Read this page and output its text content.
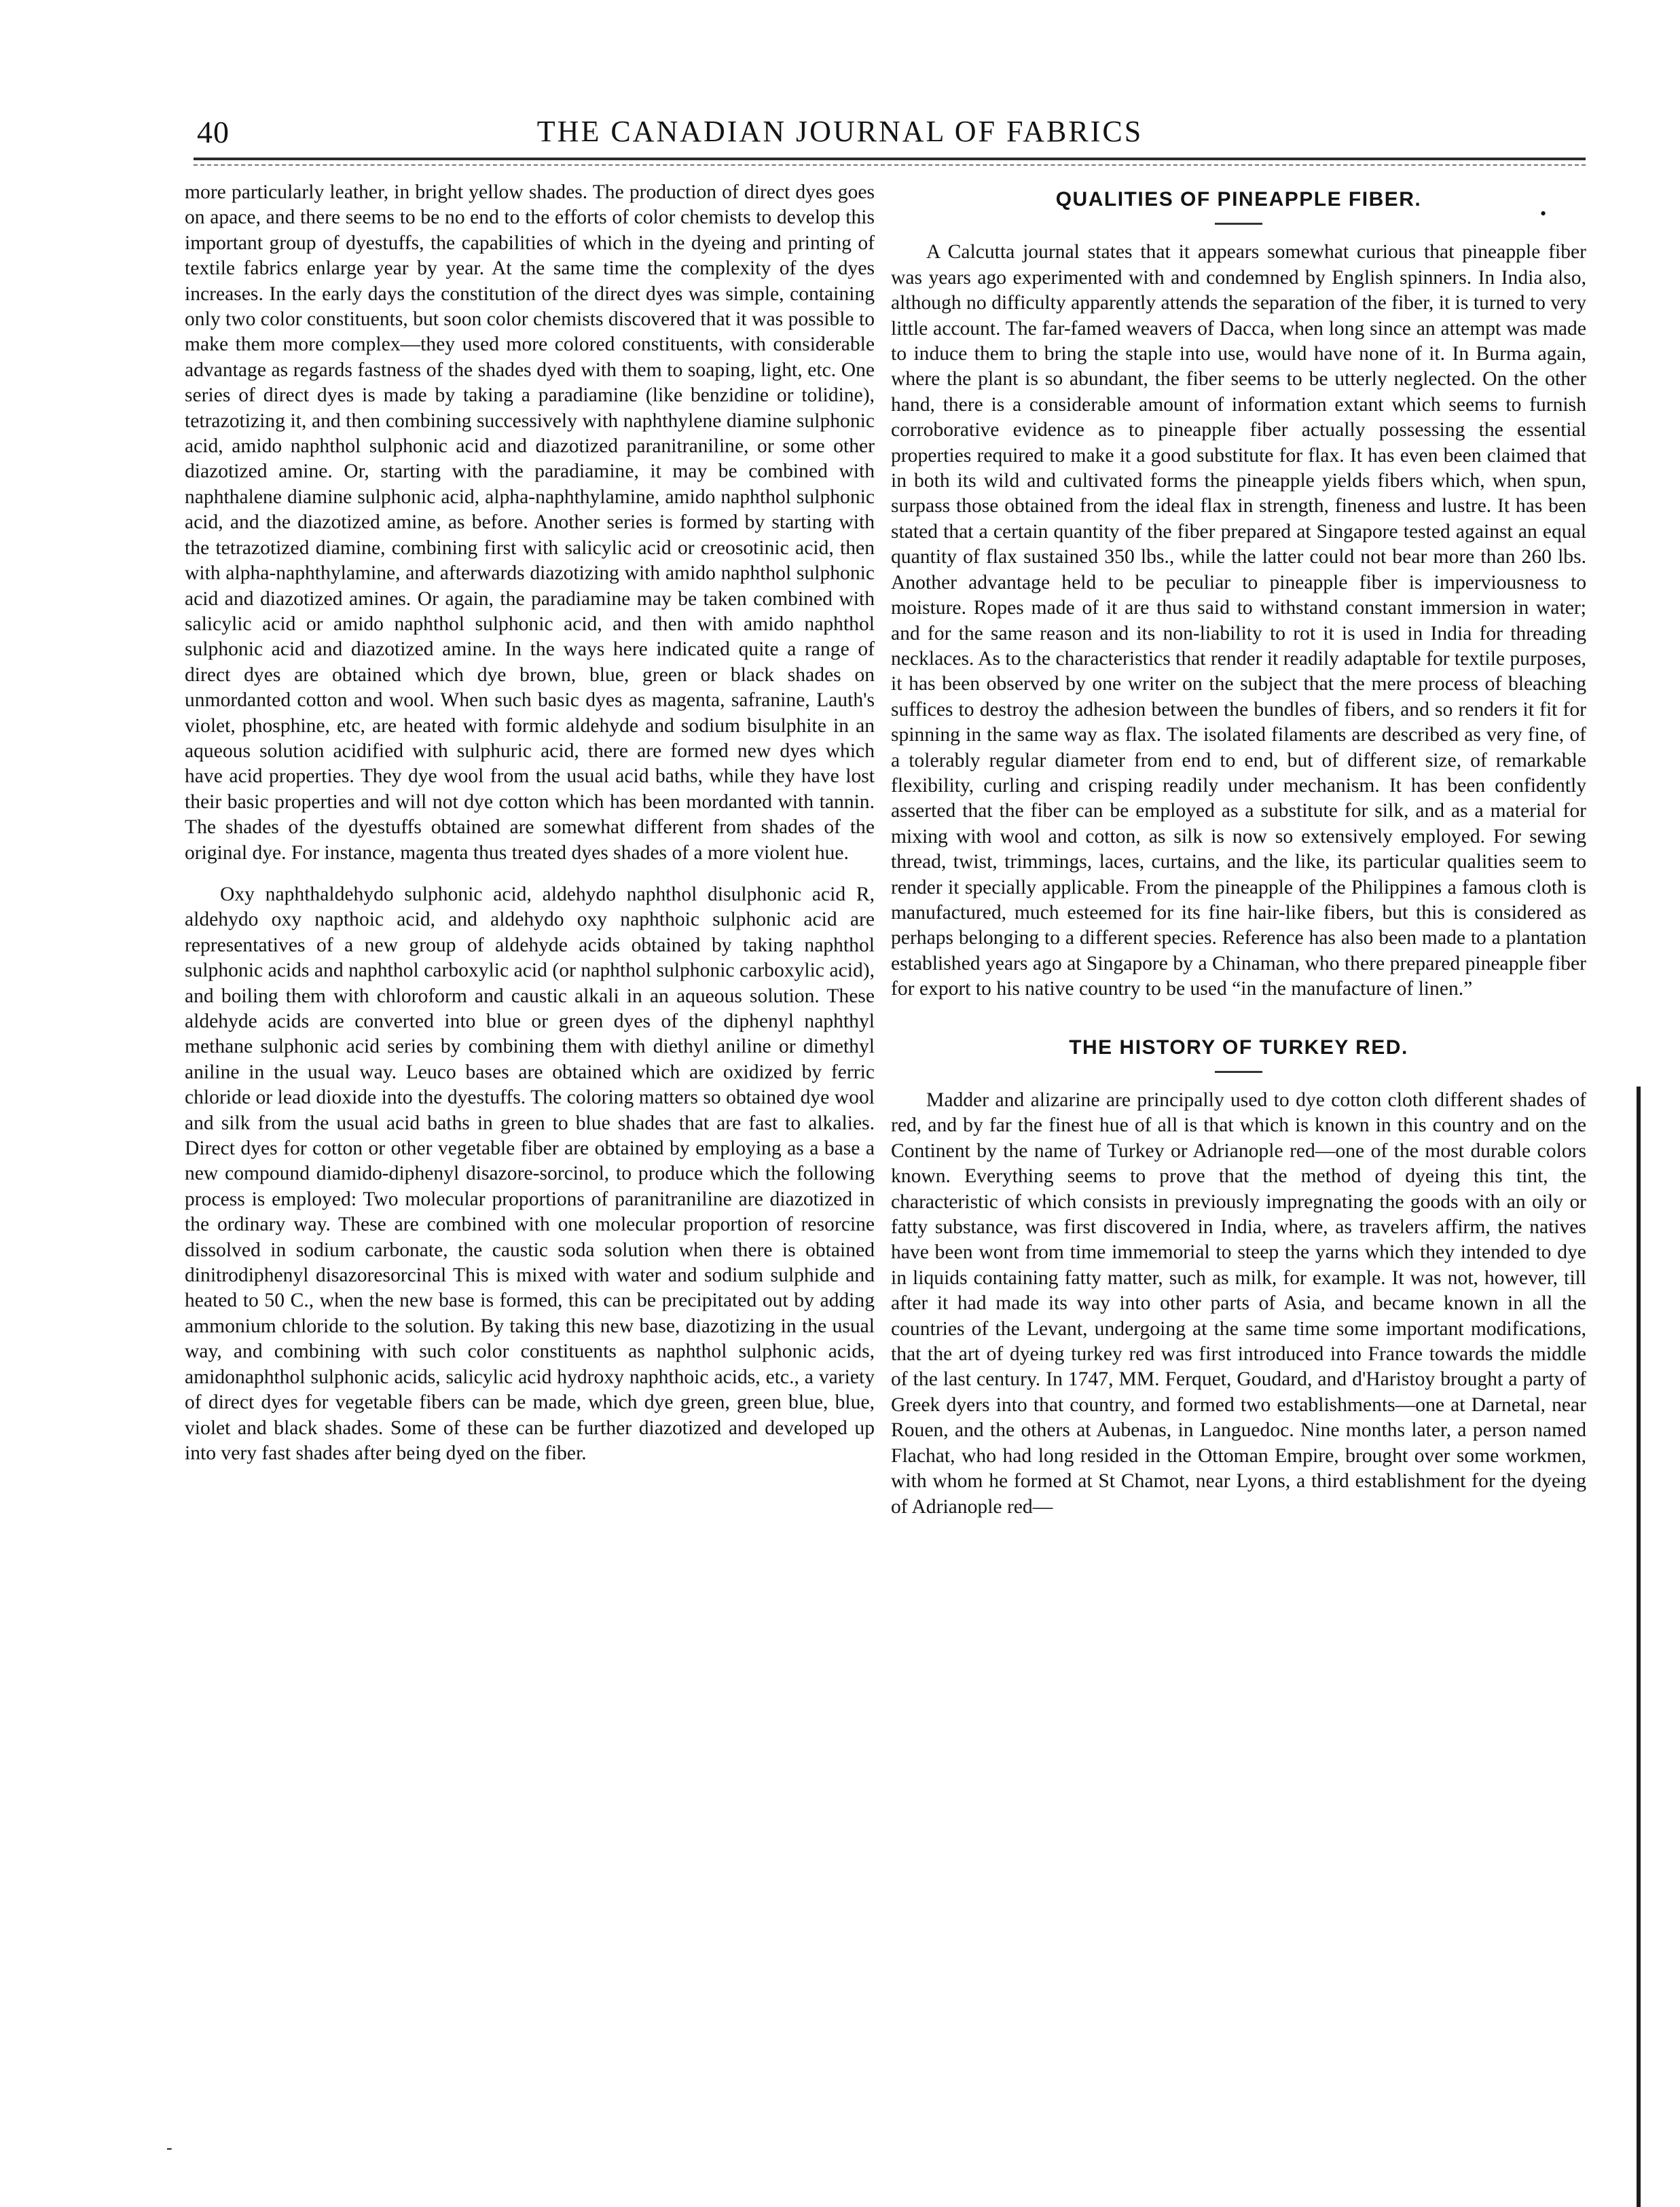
40	THE CANADIAN JOURNAL OF FABRICS
•

more particularly leather, in bright yellow shades. The production of direct dyes goes on apace, and there seems to be no end to the efforts of color chemists to develop this important group of dyestuffs, the capabilities of which in the dyeing and printing of textile fabrics enlarge year by year. At the same time the complexity of the dyes increases. In the early days the constitution of the direct dyes was simple, containing only two color constituents, but soon color chemists discovered that it was possible to make them more complex—they used more colored constituents, with considerable advantage as regards fastness of the shades dyed with them to soaping, light, etc. One series of direct dyes is made by taking a paradiamine (like benzidine or tolidine), tetrazotizing it, and then combining successively with naphthylene diamine sulphonic acid, amido naphthol sulphonic acid and diazotized paranitraniline, or some other diazotized amine. Or, starting with the paradiamine, it may be combined with naphthalene diamine sulphonic acid, alpha-naphthylamine, amido naphthol sulphonic acid, and the diazotized amine, as before. Another series is formed by starting with the tetrazotized diamine, combining first with salicylic acid or creosotinic acid, then with alpha-naphthylamine, and afterwards diazotizing with amido naphthol sulphonic acid and diazotized amines. Or again, the paradiamine may be taken combined with salicylic acid or amido naphthol sulphonic acid, and then with amido naphthol sulphonic acid and diazotized amine. In the ways here indicated quite a range of direct dyes are obtained which dye brown, blue, green or black shades on unmordanted cotton and wool. When such basic dyes as magenta, safranine, Lauth's violet, phosphine, etc, are heated with formic aldehyde and sodium bisulphite in an aqueous solution acidified with sulphuric acid, there are formed new dyes which have acid properties. They dye wool from the usual acid baths, while they have lost their basic properties and will not dye cotton which has been mordanted with tannin. The shades of the dyestuffs obtained are somewhat different from shades of the original dye. For instance, magenta thus treated dyes shades of a more violent hue.

Oxy naphthaldehydo sulphonic acid, aldehydo naphthol disulphonic acid R, aldehydo oxy napthoic acid, and aldehydo oxy naphthoic sulphonic acid are representatives of a new group of aldehyde acids obtained by taking naphthol sulphonic acids and naphthol carboxylic acid (or naphthol sulphonic carboxylic acid), and boiling them with chloroform and caustic alkali in an aqueous solution. These aldehyde acids are converted into blue or green dyes of the diphenyl naphthyl methane sulphonic acid series by combining them with diethyl aniline or dimethyl aniline in the usual way. Leuco bases are obtained which are oxidized by ferric chloride or lead dioxide into the dyestuffs. The coloring matters so obtained dye wool and silk from the usual acid baths in green to blue shades that are fast to alkalies. Direct dyes for cotton or other vegetable fiber are obtained by employing as a base a new compound diamido-diphenyl disazore-sorcinol, to produce which the following process is employed: Two molecular proportions of paranitraniline are diazotized in the ordinary way. These are combined with one molecular proportion of resorcine dissolved in sodium carbonate, the caustic soda solution when there is obtained dinitrodiphenyl disazoresorcinal This is mixed with water and sodium sulphide and heated to 50 C., when the new base is formed, this can be precipitated out by adding ammonium chloride to the solution. By taking this new base, diazotizing in the usual way, and combining with such color constituents as naphthol sulphonic acids, amidonaphthol sulphonic acids, salicylic acid hydroxy naphthoic acids, etc., a variety of direct dyes for vegetable fibers can be made, which dye green, green blue, blue, violet and black shades. Some of these can be further diazotized and developed up into very fast shades after being dyed on the fiber.

QUALITIES OF PINEAPPLE FIBER.

A Calcutta journal states that it appears somewhat curious that pineapple fiber was years ago experimented with and condemned by English spinners. In India also, although no difficulty apparently attends the separation of the fiber, it is turned to very little account. The far-famed weavers of Dacca, when long since an attempt was made to induce them to bring the staple into use, would have none of it. In Burma again, where the plant is so abundant, the fiber seems to be utterly neglected. On the other hand, there is a considerable amount of information extant which seems to furnish corroborative evidence as to pineapple fiber actually possessing the essential properties required to make it a good substitute for flax. It has even been claimed that in both its wild and cultivated forms the pineapple yields fibers which, when spun, surpass those obtained from the ideal flax in strength, fineness and lustre. It has been stated that a certain quantity of the fiber prepared at Singapore tested against an equal quantity of flax sustained 350 lbs., while the latter could not bear more than 260 lbs. Another advantage held to be peculiar to pineapple fiber is imperviousness to moisture. Ropes made of it are thus said to withstand constant immersion in water; and for the same reason and its non-liability to rot it is used in India for threading necklaces. As to the characteristics that render it readily adaptable for textile purposes, it has been observed by one writer on the subject that the mere process of bleaching suffices to destroy the adhesion between the bundles of fibers, and so renders it fit for spinning in the same way as flax. The isolated filaments are described as very fine, of a tolerably regular diameter from end to end, but of different size, of remarkable flexibility, curling and crisping readily under mechanism. It has been confidently asserted that the fiber can be employed as a substitute for silk, and as a material for mixing with wool and cotton, as silk is now so extensively employed. For sewing thread, twist, trimmings, laces, curtains, and the like, its particular qualities seem to render it specially applicable. From the pineapple of the Philippines a famous cloth is manufactured, much esteemed for its fine hair-like fibers, but this is considered as perhaps belonging to a different species. Reference has also been made to a plantation established years ago at Singapore by a Chinaman, who there prepared pineapple fiber for export to his native country to be used “in the manufacture of linen.”

THE HISTORY OF TURKEY RED.

Madder and alizarine are principally used to dye cotton cloth different shades of red, and by far the finest hue of all is that which is known in this country and on the Continent by the name of Turkey or Adrianople red—one of the most durable colors known. Everything seems to prove that the method of dyeing this tint, the characteristic of which consists in previously impregnating the goods with an oily or fatty substance, was first discovered in India, where, as travelers affirm, the natives have been wont from time immemorial to steep the yarns which they intended to dye in liquids containing fatty matter, such as milk, for example. It was not, however, till after it had made its way into other parts of Asia, and became known in all the countries of the Levant, undergoing at the same time some important modifications, that the art of dyeing turkey red was first introduced into France towards the middle of the last century. In 1747, MM. Ferquet, Goudard, and d'Haristoy brought a party of Greek dyers into that country, and formed two establishments—one at Darnetal, near Rouen, and the others at Aubenas, in Languedoc. Nine months later, a person named Flachat, who had long resided in the Ottoman Empire, brought over some workmen, with whom he formed at St Chamot, near Lyons, a third establishment for the dyeing of Adrianople red—

-
